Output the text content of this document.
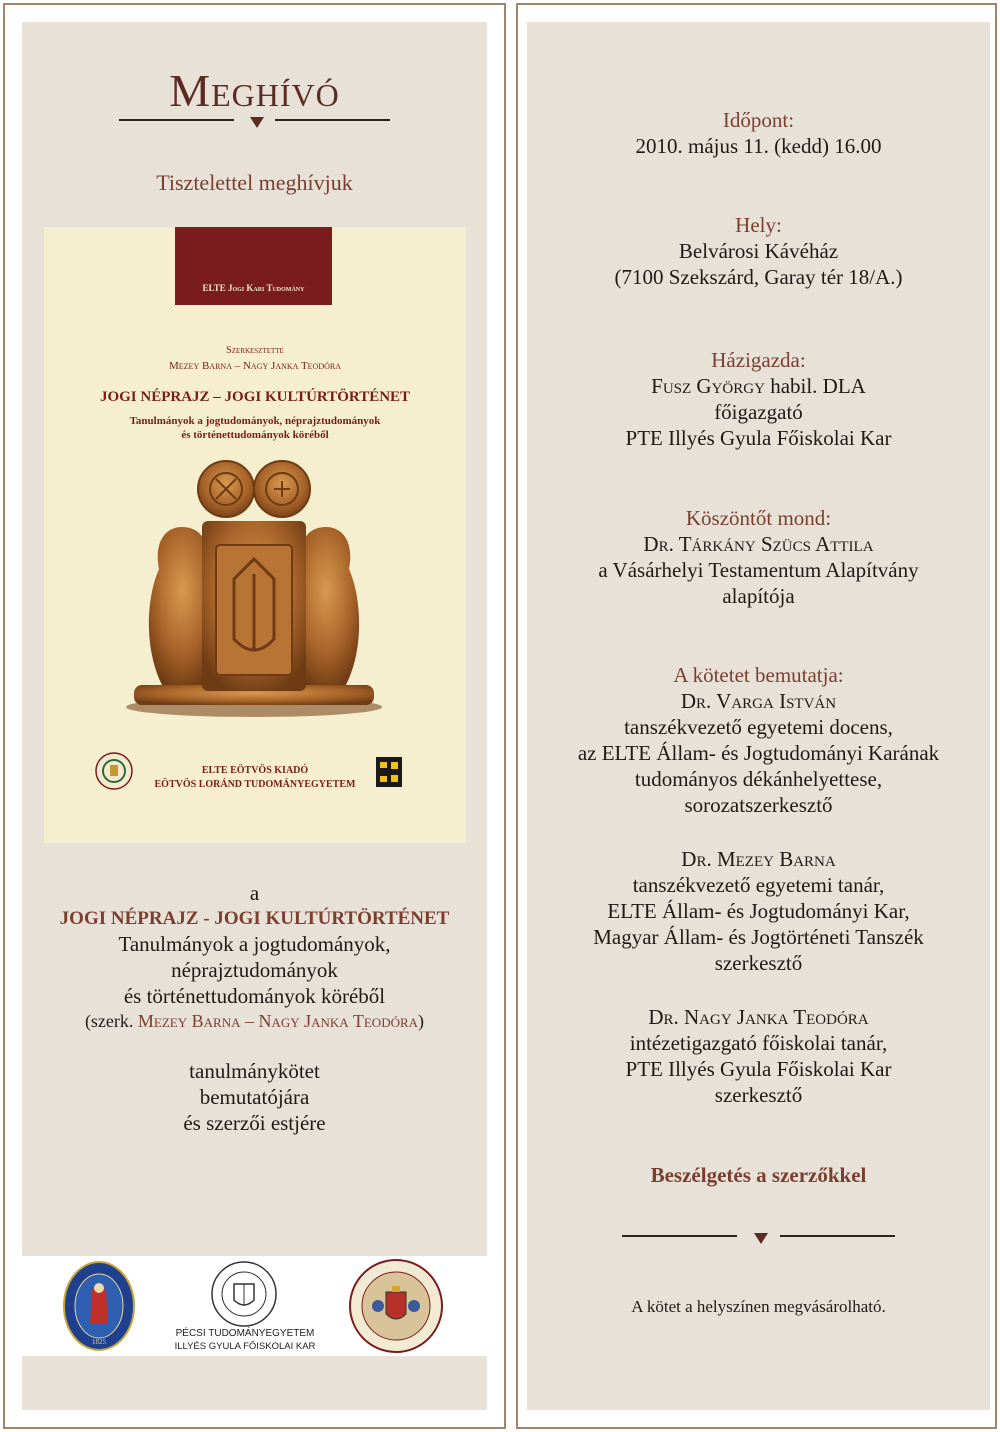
Meghívó
Tisztelettel meghívjuk
ELTE Jogi Kari Tudomány
Szerkesztette
Mezey Barna – Nagy Janka Teodóra
JOGI NÉPRAJZ – JOGI KULTÚRTÖRTÉNET
Tanulmányok a jogtudományok, néprajztudományok
és történettudományok köréből
ELTE EÖTVÖS KIADÓ
EÖTVÖS LORÁND TUDOMÁNYEGYETEM
a
JOGI NÉPRAJZ - JOGI KULTÚRTÖRTÉNET
Tanulmányok a jogtudományok,
néprajztudományok
és történettudományok köréből
(szerk. Mezey Barna – Nagy Janka Teodóra)
tanulmánykötet
bemutatójára
és szerzői estjére
1825
PÉCSI TUDOMÁNYEGYETEM
ILLYÉS GYULA FŐISKOLAI KAR
Időpont:
2010. május 11. (kedd) 16.00
Hely:
Belvárosi Kávéház
(7100 Szekszárd, Garay tér 18/A.)
Házigazda:
Fusz György habil. DLA
főigazgató
PTE Illyés Gyula Főiskolai Kar
Köszöntőt mond:
Dr. Tárkány Szücs Attila
a Vásárhelyi Testamentum Alapítvány
alapítója
A kötetet bemutatja:
Dr. Varga István
tanszékvezető egyetemi docens,
az ELTE Állam- és Jogtudományi Karának
tudományos dékánhelyettese,
sorozatszerkesztő
Dr. Mezey Barna
tanszékvezető egyetemi tanár,
ELTE Állam- és Jogtudományi Kar,
Magyar Állam- és Jogtörténeti Tanszék
szerkesztő
Dr. Nagy Janka Teodóra
intézetigazgató főiskolai tanár,
PTE Illyés Gyula Főiskolai Kar
szerkesztő
Beszélgetés a szerzőkkel
A kötet a helyszínen megvásárolható.
